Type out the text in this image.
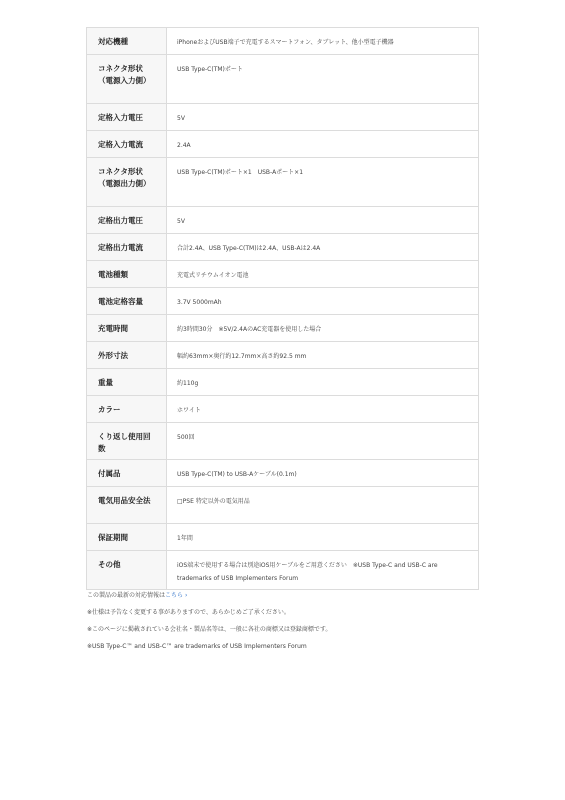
対応機種	iPhoneおよびUSB端子で充電するスマートフォン、タブレット、他小型電子機器
コネクタ形状（電源入力側）	USB Type-C(TM)ポート
定格入力電圧	5V
定格入力電流	2.4A
コネクタ形状（電源出力側）	USB Type-C(TM)ポート×1　USB-Aポート×1
定格出力電圧	5V
定格出力電流	合計2.4A、USB Type-C(TM)は2.4A、USB-Aは2.4A
電池種類	充電式リチウムイオン電池
電池定格容量	3.7V 5000mAh
充電時間	約3時間30分　※5V/2.4AのAC充電器を使用した場合
外形寸法	幅約63mm×奥行約12.7mm×高さ約92.5 mm
重量	約110g
カラー	ホワイト
くり返し使用回数	500回
付属品	USB Type-C(TM) to USB-Aケーブル(0.1m)
電気用品安全法	□PSE 特定以外の電気用品
保証期間	1年間
その他	iOS端末で使用する場合は別途iOS用ケーブルをご用意ください　※USB Type-C and USB-C are trademarks of USB Implementers Forum

この製品の最新の対応情報はこちら ›

※仕様は予告なく変更する事がありますので、あらかじめご了承ください。

※このページに掲載されている会社名・製品名等は、一般に各社の商標又は登録商標です。

※USB Type-C™ and USB-C™ are trademarks of USB Implementers Forum
